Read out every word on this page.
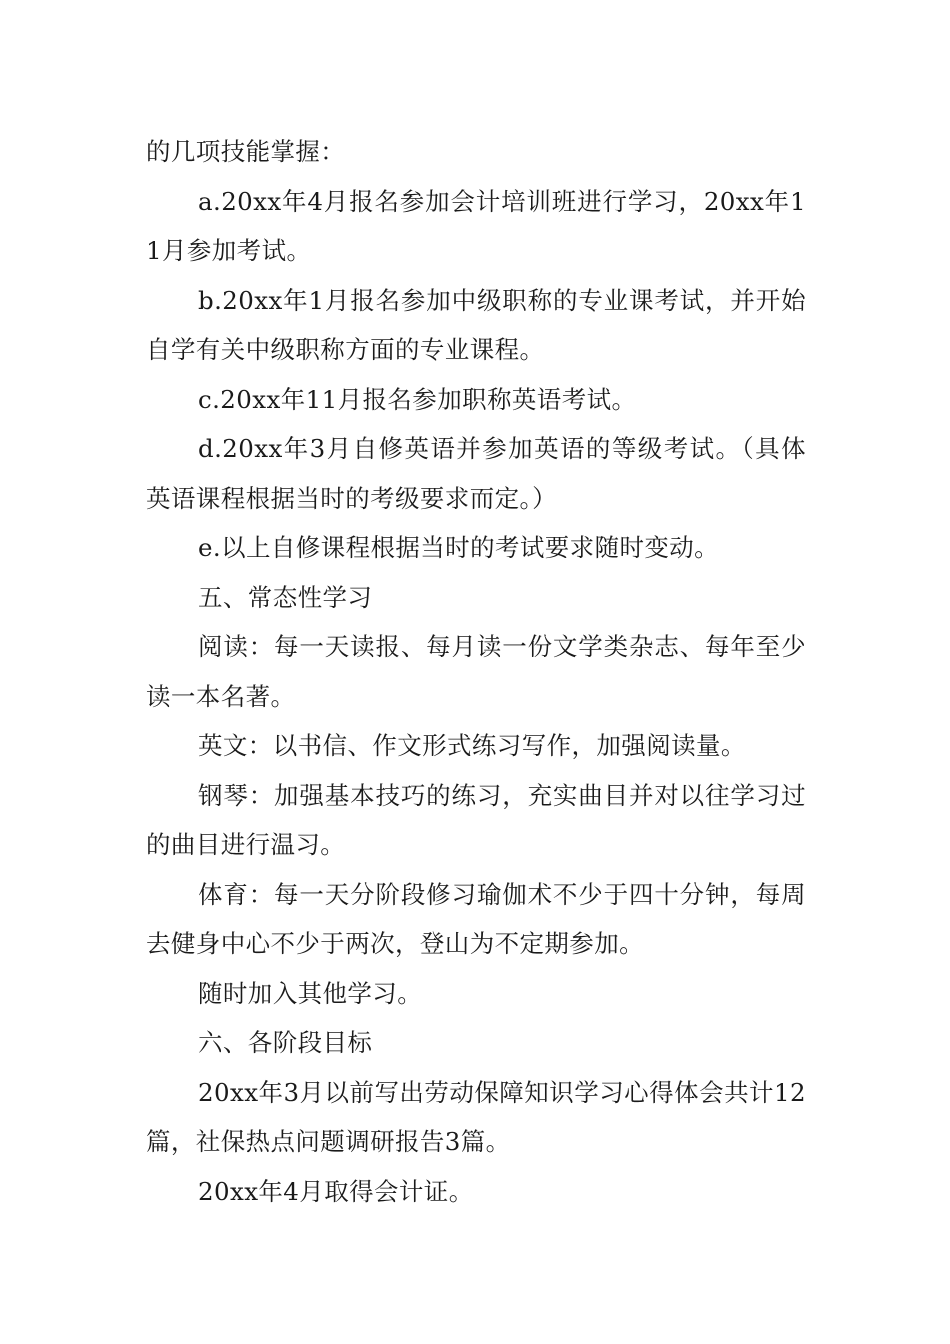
的几项技能掌握：

a.20xx年4月报名参加会计培训班进行学习，20xx年11月参加考试。

b.20xx年1月报名参加中级职称的专业课考试，并开始自学有关中级职称方面的专业课程。

c.20xx年11月报名参加职称英语考试。

d.20xx年3月自修英语并参加英语的等级考试。（具体英语课程根据当时的考级要求而定。）

e.以上自修课程根据当时的考试要求随时变动。

五、常态性学习

阅读：每一天读报、每月读一份文学类杂志、每年至少读一本名著。

英文：以书信、作文形式练习写作，加强阅读量。

钢琴：加强基本技巧的练习，充实曲目并对以往学习过的曲目进行温习。

体育：每一天分阶段修习瑜伽术不少于四十分钟，每周去健身中心不少于两次，登山为不定期参加。

随时加入其他学习。

六、各阶段目标

20xx年3月以前写出劳动保障知识学习心得体会共计12篇，社保热点问题调研报告3篇。

20xx年4月取得会计证。
